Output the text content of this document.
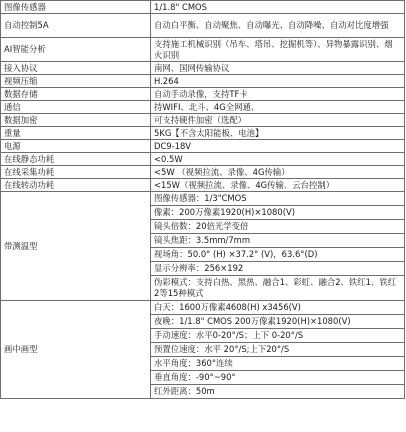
图像传感器	1/1.8" CMOS
自动控制5A	自动白平衡、自动聚焦、自动曝光、自动降噪、自动对比度增强
AI智能分析	支持施工机械识别（吊车、塔吊、挖掘机等）、异物暴露识别、烟火识别
接入协议	南网、国网传输协议
视频压缩	H.264
数据存储	自动手动录像，支持TF卡
通信	持WIFI、北斗、4G全网通、
数据加密	可支持硬件加密（选配）
重量	5KG【不含太阳能板、电池】
电源	DC9-18V
在线静态功耗	<0.5W
在线采集功耗	<5W （视频拉流、录像、4G传输）
在线转动功耗	<15W（视频拉流、录像、4G传输、云台控制）
带测温型	图像传感器：1/3"CMOS
	像素：200万像素1920(H)×1080(V)
	镜头倍数：20倍光学变倍
	镜头焦距：3.5mm/7mm
	视场角：50.0° (H) ×37.2° (V)，63.6°(D)
	显示分辨率：256×192
	伪彩模式：支持白热、黑热、融合1、彩虹、融合2、铁红1、铁红2等15种模式
画中画型	白天：1600万像素4608(H) x3456(V)
	夜晚：1/1.8" CMOS 200万像素1920(H)×1080(V)
	手动速度：水平0-20°/S；上下 0-20°/S
	预置位速度：水平 20°/S;上下20°/S
	水平角度：360°连续
	垂直角度：-90°~90°
	红外距离：50m
